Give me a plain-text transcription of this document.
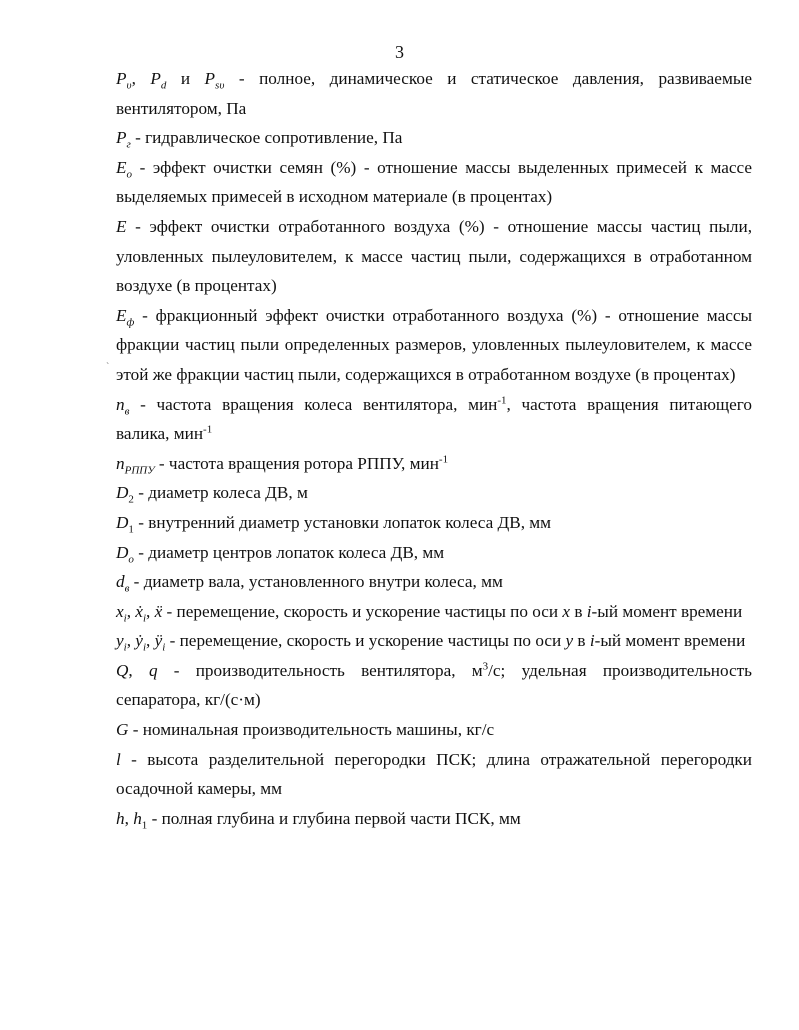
3
ˋ

$P_\upsilon$, $P_d$ и $P_{s\upsilon}$ - полное, динамическое и статическое давления, развиваемые вентилятором, Па

$P_г$ - гидравлическое сопротивление, Па

$E_o$ - эффект очистки семян (%) - отношение массы выделенных примесей к массе выделяемых примесей в исходном материале (в процентах)

E - эффект очистки отработанного воздуха (%) - отношение массы частиц пыли, уловленных пылеуловителем, к массе частиц пыли, содержащихся в отработанном воздухе (в процентах)

$E_ф$ - фракционный эффект очистки отработанного воздуха (%) - отношение массы фракции частиц пыли определенных размеров, уловленных пылеуловителем, к массе этой же фракции частиц пыли, содержащихся в отработанном воздухе (в процентах)

$n_в$ - частота вращения колеса вентилятора, мин$^{-1}$, частота вращения питающего валика, мин$^{-1}$

$n_{РППУ}$ - частота вращения ротора РППУ, мин$^{-1}$

$D_2$ - диаметр колеса ДВ, м

$D_1$ - внутренний диаметр установки лопаток колеса ДВ, мм

$D_o$ - диаметр центров лопаток колеса ДВ, мм

$d_в$ - диаметр вала, установленного внутри колеса, мм

$x_i$, ẋ$_i$, ẍ - перемещение, скорость и ускорение частицы по оси x в i-ый момент времени

$y_i$, ẏ$_i$, $ÿ_i$ - перемещение, скорость и ускорение частицы по оси y в i-ый момент времени

Q, q - производительность вентилятора, $м^3/с$; удельная производительность сепаратора, кг/(с·м)

G - номинальная производительность машины, кг/с

l - высота разделительной перегородки ПСК; длина отражательной перегородки осадочной камеры, мм

h, $h_1$ - полная глубина и глубина первой части ПСК, мм
